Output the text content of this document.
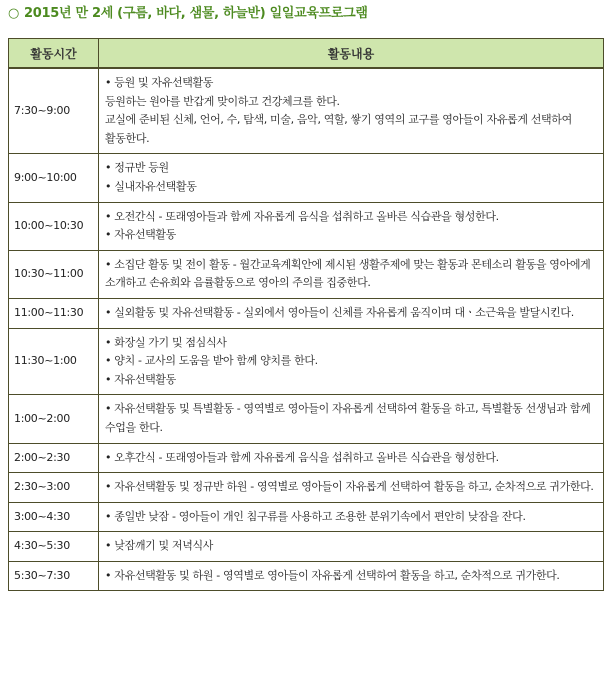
○ 2015년 만 2세 (구름, 바다, 샘물, 하늘반) 일일교육프로그램
활동시간	활동내용
7:30~9:00	• 등원 및 자유선택활동
등원하는 원아를 반갑게 맞이하고 건강체크를 한다.
교실에 준비된 신체, 언어, 수, 탐색, 미술, 음악, 역할, 쌓기 영역의 교구를 영아들이 자유롭게 선택하여 활동한다.

9:00~10:00	• 정규반 등원
• 실내자유선택활동

10:00~10:30	• 오전간식 - 또래영아들과 함께 자유롭게 음식을 섭취하고 올바른 식습관을 형성한다.
• 자유선택활동

10:30~11:00	• 소집단 활동 및 전이 활동 - 월간교육계획안에 제시된 생활주제에 맞는 활동과 몬테소리 활동을 영아에게 소개하고 손유희와 음률활동으로 영아의 주의를 집중한다.

11:00~11:30	• 실외활동 및 자유선택활동 - 실외에서 영아들이 신체를 자유롭게 움직이며 대ㆍ소근육을 발달시킨다.

11:30~1:00	• 화장실 가기 및 점심식사
• 양치 - 교사의 도움을 받아 함께 양치를 한다.
• 자유선택활동

1:00~2:00	• 자유선택활동 및 특별활동 - 영역별로 영아들이 자유롭게 선택하여 활동을 하고, 특별활동 선생님과 함께 수업을 한다.

2:00~2:30	• 오후간식 - 또래영아들과 함께 자유롭게 음식을 섭취하고 올바른 식습관을 형성한다.

2:30~3:00	• 자유선택활동 및 정규반 하원 - 영역별로 영아들이 자유롭게 선택하여 활동을 하고, 순차적으로 귀가한다.

3:00~4:30	• 종일반 낮잠 - 영아들이 개인 침구류를 사용하고 조용한 분위기속에서 편안히 낮잠을 잔다.

4:30~5:30	• 낮잠깨기 및 저녁식사

5:30~7:30	• 자유선택활동 및 하원 - 영역별로 영아들이 자유롭게 선택하여 활동을 하고, 순차적으로 귀가한다.
